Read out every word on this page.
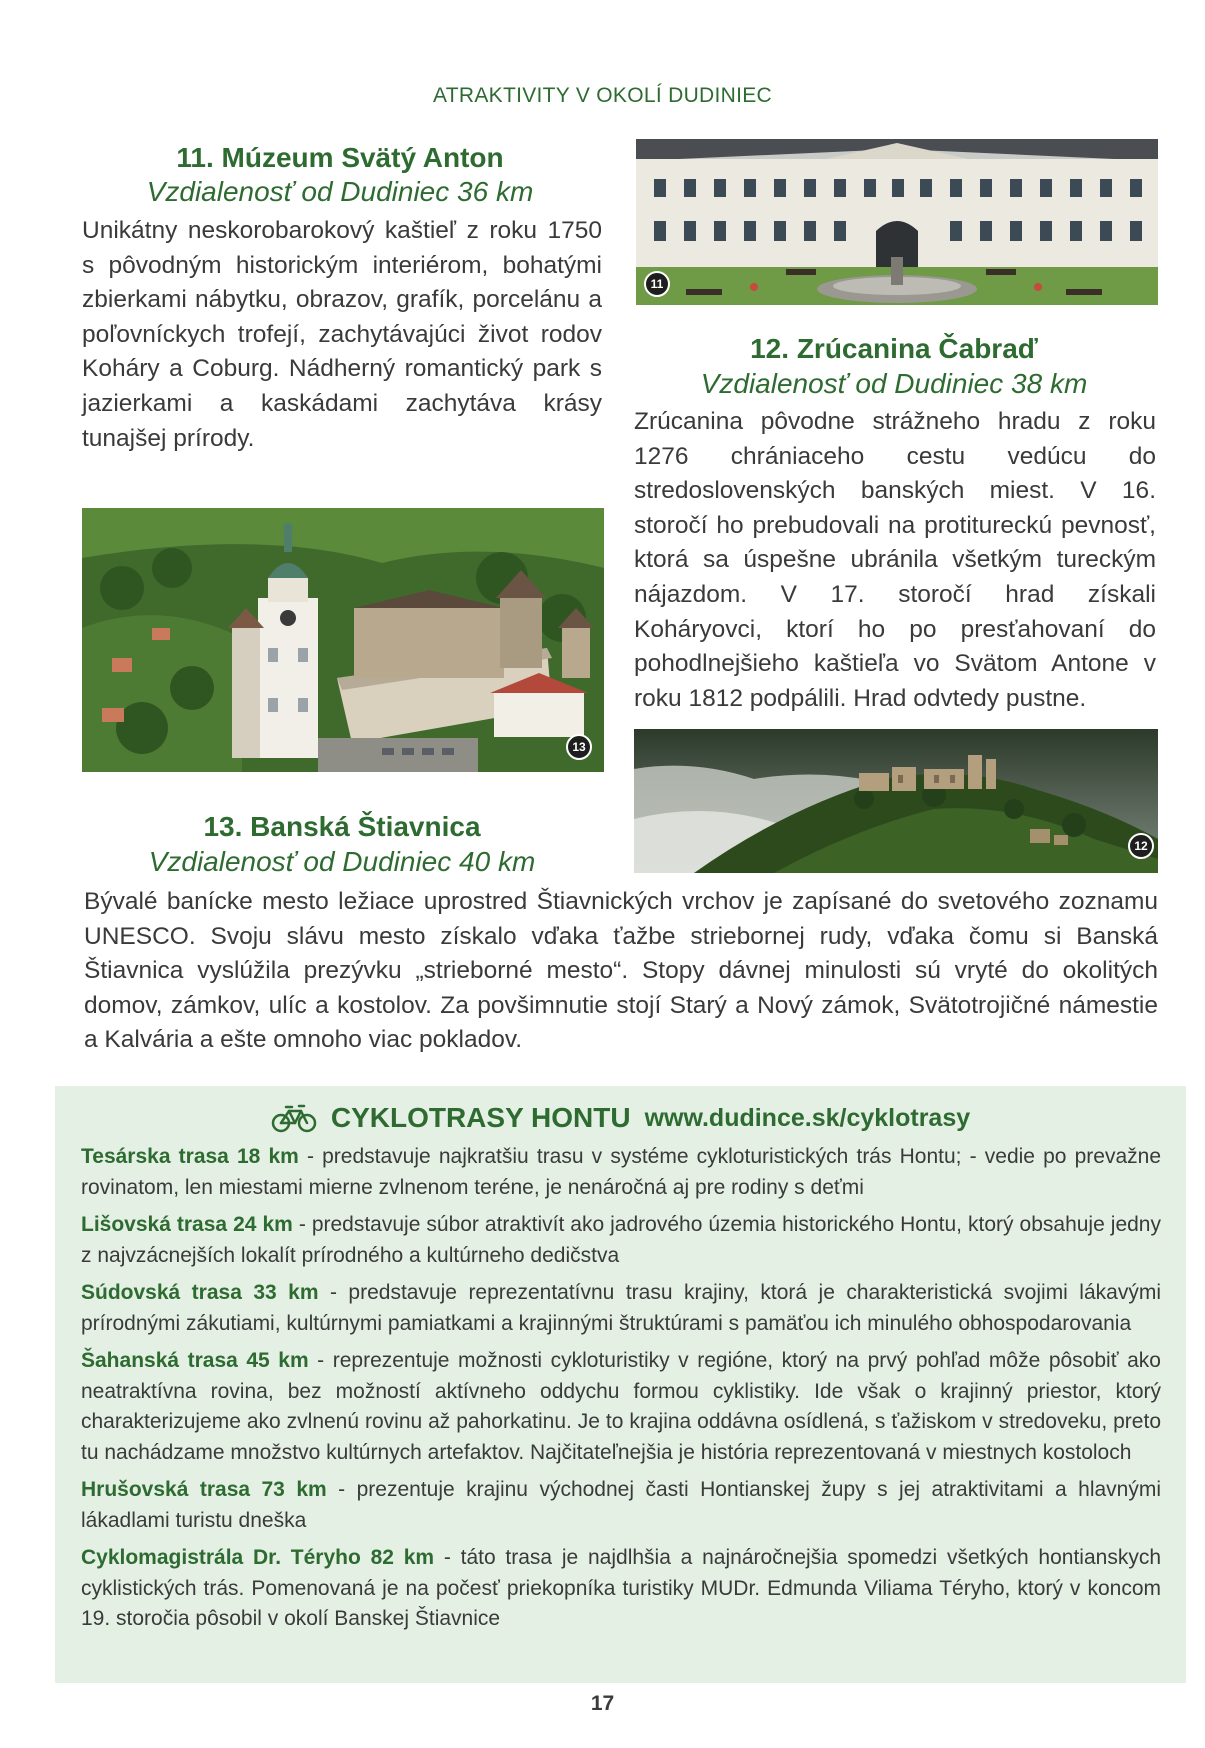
ATRAKTIVITY V OKOLÍ DUDINIEC
11. Múzeum Svätý Anton
Vzdialenosť od Dudiniec 36 km
Unikátny neskorobarokový kaštieľ z roku 1750 s pôvodným historickým interiérom, bohatými zbierkami nábytku, obrazov, grafík, porcelánu a poľovníckych trofejí, zachytávajúci život rodov Koháry a Coburg. Nádherný romantický park s jazierkami a kaskádami zachytáva krásy tunajšej prírody.
11
13
12. Zrúcanina Čabraď
Vzdialenosť od Dudiniec 38 km
Zrúcanina pôvodne strážneho hradu z roku 1276 chrániaceho cestu vedúcu do stredoslovenských banských miest. V 16. storočí ho prebudovali na protitureckú pevnosť, ktorá sa úspešne ubránila všetkým tureckým nájazdom. V 17. storočí hrad získali Koháryovci, ktorí ho po presťahovaní do pohodlnejšieho kaštieľa vo Svätom Antone v roku 1812 podpálili. Hrad odvtedy pustne.
12
13. Banská Štiavnica
Vzdialenosť od Dudiniec 40 km
Bývalé banícke mesto ležiace uprostred Štiavnických vrchov je zapísané do svetového zoznamu UNESCO. Svoju slávu mesto získalo vďaka ťažbe striebornej rudy, vďaka čomu si Banská Štiavnica vyslúžila prezývku „strieborné mesto“. Stopy dávnej minulosti sú vryté do okolitých domov, zámkov, ulíc a kostolov. Za povšimnutie stojí Starý a Nový zámok, Svätotrojičné námestie a Kalvária a ešte omnoho viac pokladov.
CYKLOTRASY HONTU www.dudince.sk/cyklotrasy
Tesárska trasa 18 km - predstavuje najkratšiu trasu v systéme cykloturistických trás Hontu; - vedie po prevažne rovinatom, len miestami mierne zvlnenom teréne, je nenáročná aj pre rodiny s deťmi
Lišovská trasa 24 km - predstavuje súbor atraktivít ako jadrového územia historického Hontu, ktorý obsahuje jedny z najvzácnejších lokalít prírodného a kultúrneho dedičstva
Súdovská trasa 33 km - predstavuje reprezentatívnu trasu krajiny, ktorá je charakteristická svojimi lákavými prírodnými zákutiami, kultúrnymi pamiatkami a krajinnými štruktúrami s pamäťou ich minulého obhospodarovania
Šahanská trasa 45 km - reprezentuje možnosti cykloturistiky v regióne, ktorý na prvý pohľad môže pôsobiť ako neatraktívna rovina, bez možností aktívneho oddychu formou cyklistiky. Ide však o krajinný priestor, ktorý charakterizujeme ako zvlnenú rovinu až pahorkatinu. Je to krajina oddávna osídlená, s ťažiskom v stredoveku, preto tu nachádzame množstvo kultúrnych artefaktov. Najčitateľnejšia je história reprezentovaná v miestnych kostoloch
Hrušovská trasa 73 km - prezentuje krajinu východnej časti Hontianskej župy s jej atraktivitami a hlavnými lákadlami turistu dneška
Cyklomagistrála Dr. Téryho 82 km - táto trasa je najdlhšia a najnáročnejšia spomedzi všetkých hontianskych cyklistických trás. Pomenovaná je na počesť priekopníka turistiky MUDr. Edmunda Viliama Téryho, ktorý v koncom 19. storočia pôsobil v okolí Banskej Štiavnice
17
